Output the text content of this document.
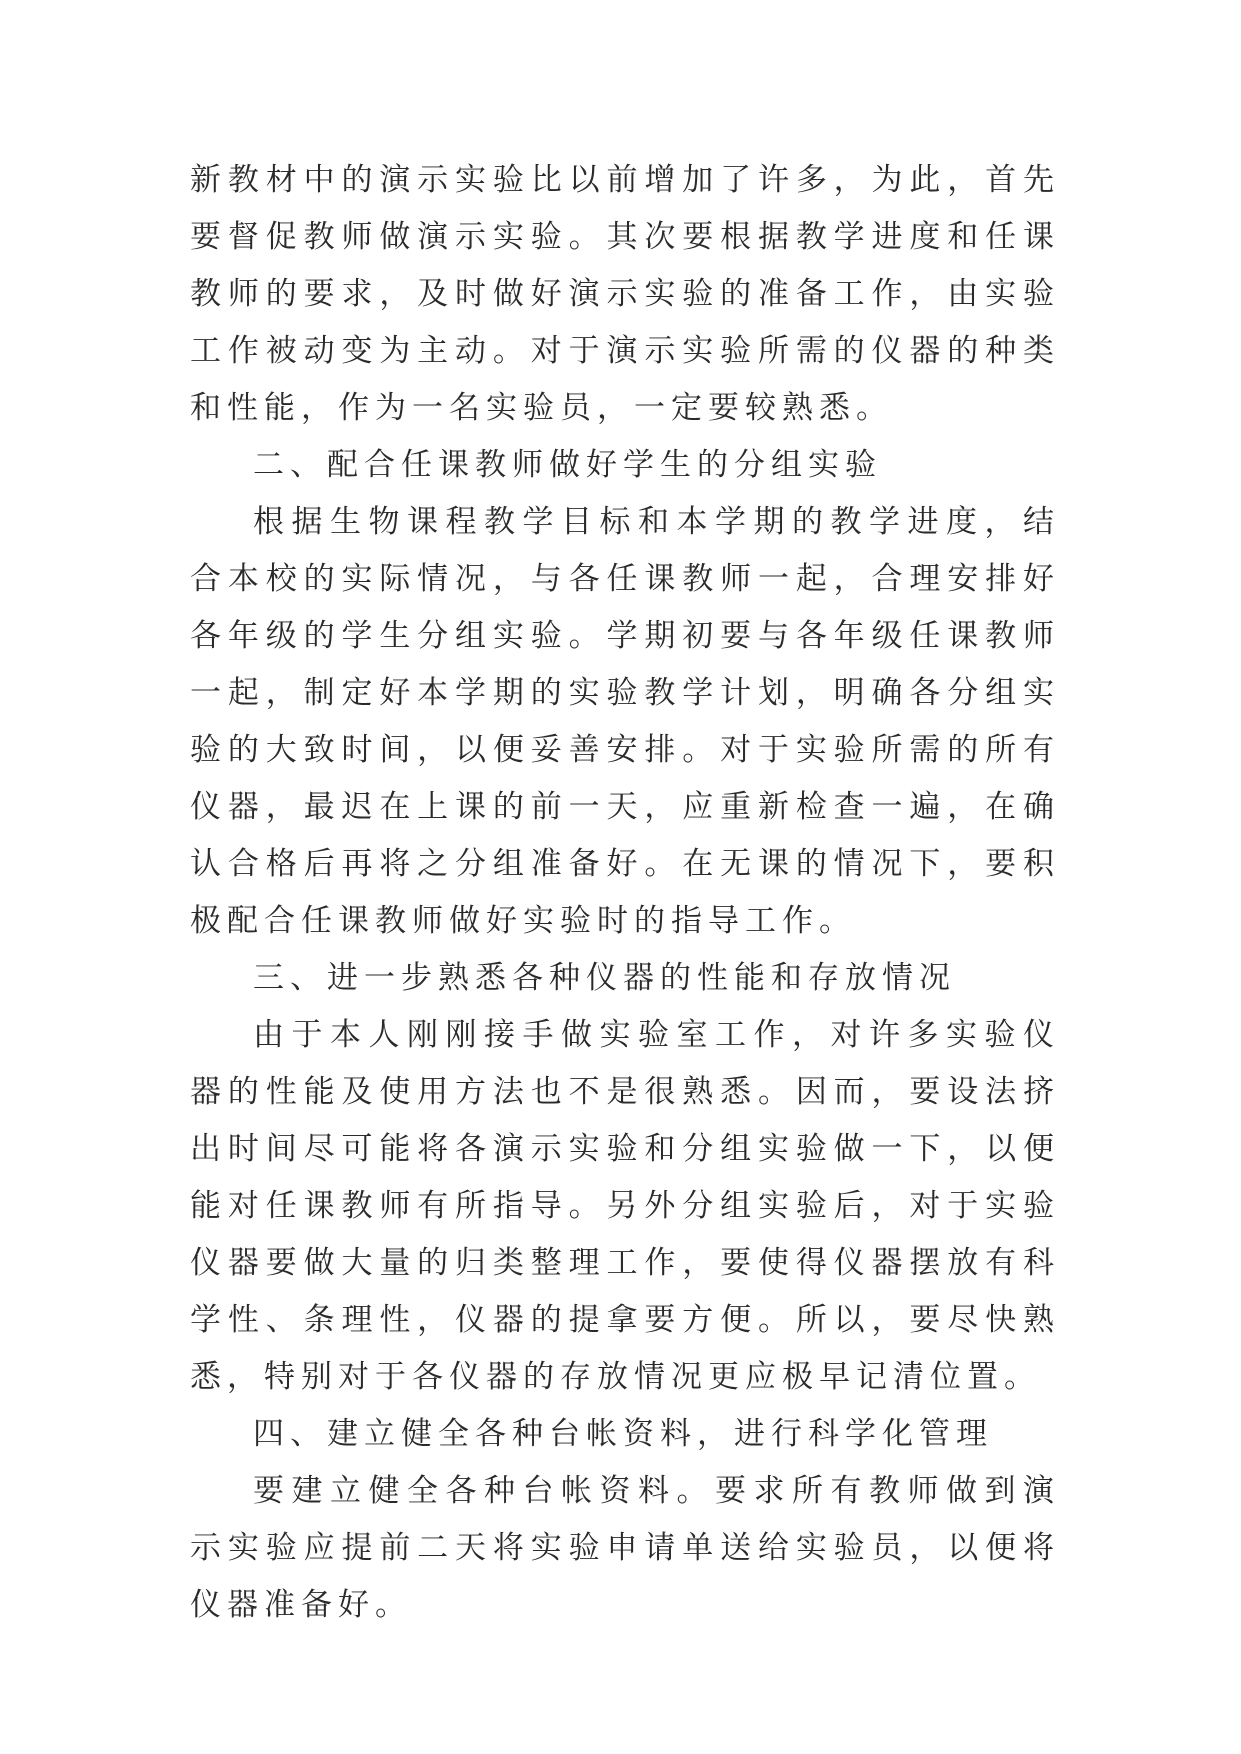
新教材中的演示实验比以前增加了许多，为此，首先要督促教师做演示实验。其次要根据教学进度和任课教师的要求，及时做好演示实验的准备工作，由实验工作被动变为主动。对于演示实验所需的仪器的种类和性能，作为一名实验员，一定要较熟悉。

二、配合任课教师做好学生的分组实验

根据生物课程教学目标和本学期的教学进度，结合本校的实际情况，与各任课教师一起，合理安排好各年级的学生分组实验。学期初要与各年级任课教师一起，制定好本学期的实验教学计划，明确各分组实验的大致时间，以便妥善安排。对于实验所需的所有仪器，最迟在上课的前一天，应重新检查一遍，在确认合格后再将之分组准备好。在无课的情况下，要积极配合任课教师做好实验时的指导工作。

三、进一步熟悉各种仪器的性能和存放情况

由于本人刚刚接手做实验室工作，对许多实验仪器的性能及使用方法也不是很熟悉。因而，要设法挤出时间尽可能将各演示实验和分组实验做一下，以便能对任课教师有所指导。另外分组实验后，对于实验仪器要做大量的归类整理工作，要使得仪器摆放有科学性、条理性，仪器的提拿要方便。所以，要尽快熟悉，特别对于各仪器的存放情况更应极早记清位置。

四、建立健全各种台帐资料，进行科学化管理

要建立健全各种台帐资料。要求所有教师做到演示实验应提前二天将实验申请单送给实验员，以便将仪器准备好。
